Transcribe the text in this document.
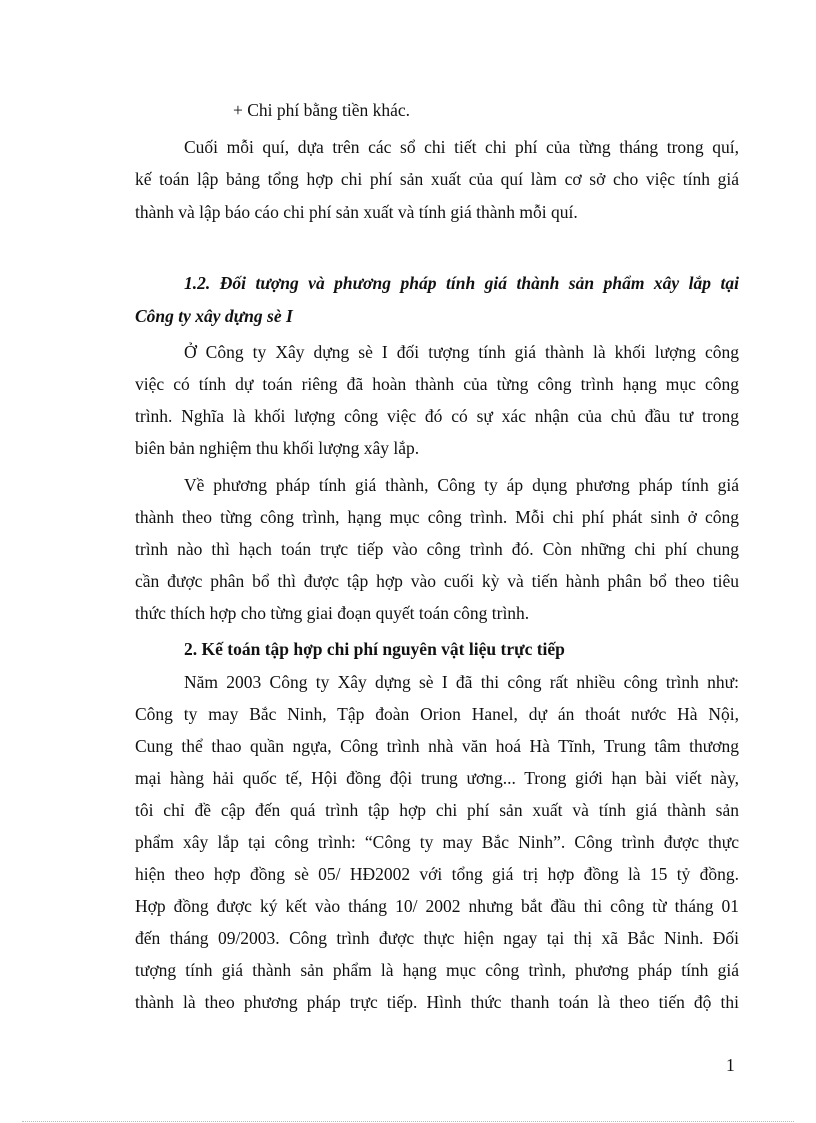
+ Chi phí bằng tiền khác.
Cuối mỗi quí, dựa trên các sổ chi tiết chi phí của từng tháng trong quí,
kế toán lập bảng tổng hợp chi phí sản xuất của quí làm cơ sở cho việc tính giá
thành và lập báo cáo chi phí sản xuất và tính giá thành mỗi quí.
1.2. Đối tượng và phương pháp tính giá thành sản phẩm xây lắp tại
Công ty xây dựng sè I
Ở Công ty Xây dựng sè I đối tượng tính giá thành là khối lượng công
việc có tính dự toán riêng đã hoàn thành của từng công trình hạng mục công
trình. Nghĩa là khối lượng công việc đó có sự xác nhận của chủ đầu tư trong
biên bản nghiệm thu khối lượng xây lắp.
Về phương pháp tính giá thành, Công ty áp dụng phương pháp tính giá
thành theo từng công trình, hạng mục công trình. Mỗi chi phí phát sinh ở công
trình nào thì hạch toán trực tiếp vào công trình đó. Còn những chi phí chung
cần được phân bổ thì được tập hợp vào cuối kỳ và tiến hành phân bổ theo tiêu
thức thích hợp cho từng giai đoạn quyết toán công trình.
2. Kế toán tập hợp chi phí nguyên vật liệu trực tiếp
Năm 2003 Công ty Xây dựng sè I đã thi công rất nhiều công trình như:
Công ty may Bắc Ninh, Tập đoàn Orion Hanel, dự án thoát nước Hà Nội,
Cung thể thao quần ngựa, Công trình nhà văn hoá Hà Tĩnh, Trung tâm thương
mại hàng hải quốc tế, Hội đồng đội trung ương... Trong giới hạn bài viết này,
tôi chỉ đề cập đến quá trình tập hợp chi phí sản xuất và tính giá thành sản
phẩm xây lắp tại công trình: “Công ty may Bắc Ninh”. Công trình được thực
hiện theo hợp đồng sè 05/ HĐ2002 với tổng giá trị hợp đồng là 15 tỷ đồng.
Hợp đồng được ký kết vào tháng 10/ 2002 nhưng bắt đầu thi công từ tháng 01
đến tháng 09/2003. Công trình được thực hiện ngay tại thị xã Bắc Ninh. Đối
tượng tính giá thành sản phẩm là hạng mục công trình, phương pháp tính giá
thành là theo phương pháp trực tiếp. Hình thức thanh toán là theo tiến độ thi
1
